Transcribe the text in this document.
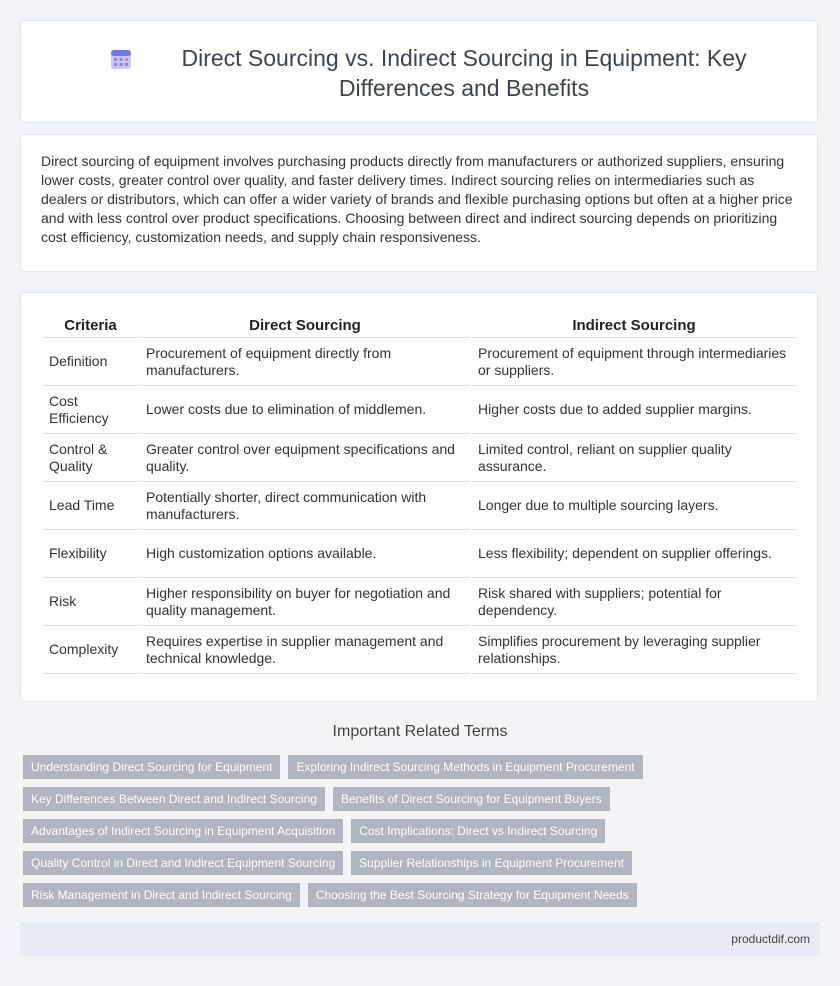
Direct Sourcing vs. Indirect Sourcing in Equipment: Key Differences and Benefits
Direct sourcing of equipment involves purchasing products directly from manufacturers or authorized suppliers, ensuring lower costs, greater control over quality, and faster delivery times. Indirect sourcing relies on intermediaries such as dealers or distributors, which can offer a wider variety of brands and flexible purchasing options but often at a higher price and with less control over product specifications. Choosing between direct and indirect sourcing depends on prioritizing cost efficiency, customization needs, and supply chain responsiveness.
Criteria	Direct Sourcing	Indirect Sourcing
Definition	Procurement of equipment directly from manufacturers.	Procurement of equipment through intermediaries or suppliers.
Cost Efficiency	Lower costs due to elimination of middlemen.	Higher costs due to added supplier margins.
Control & Quality	Greater control over equipment specifications and quality.	Limited control, reliant on supplier quality assurance.
Lead Time	Potentially shorter, direct communication with manufacturers.	Longer due to multiple sourcing layers.
Flexibility	High customization options available.	Less flexibility; dependent on supplier offerings.
Risk	Higher responsibility on buyer for negotiation and quality management.	Risk shared with suppliers; potential for dependency.
Complexity	Requires expertise in supplier management and technical knowledge.	Simplifies procurement by leveraging supplier relationships.
Important Related Terms
Understanding Direct Sourcing for Equipment	Exploring Indirect Sourcing Methods in Equipment Procurement
Key Differences Between Direct and Indirect Sourcing	Benefits of Direct Sourcing for Equipment Buyers
Advantages of Indirect Sourcing in Equipment Acquisition	Cost Implications: Direct vs Indirect Sourcing
Quality Control in Direct and Indirect Equipment Sourcing	Supplier Relationships in Equipment Procurement
Risk Management in Direct and Indirect Sourcing	Choosing the Best Sourcing Strategy for Equipment Needs
productdif.com
